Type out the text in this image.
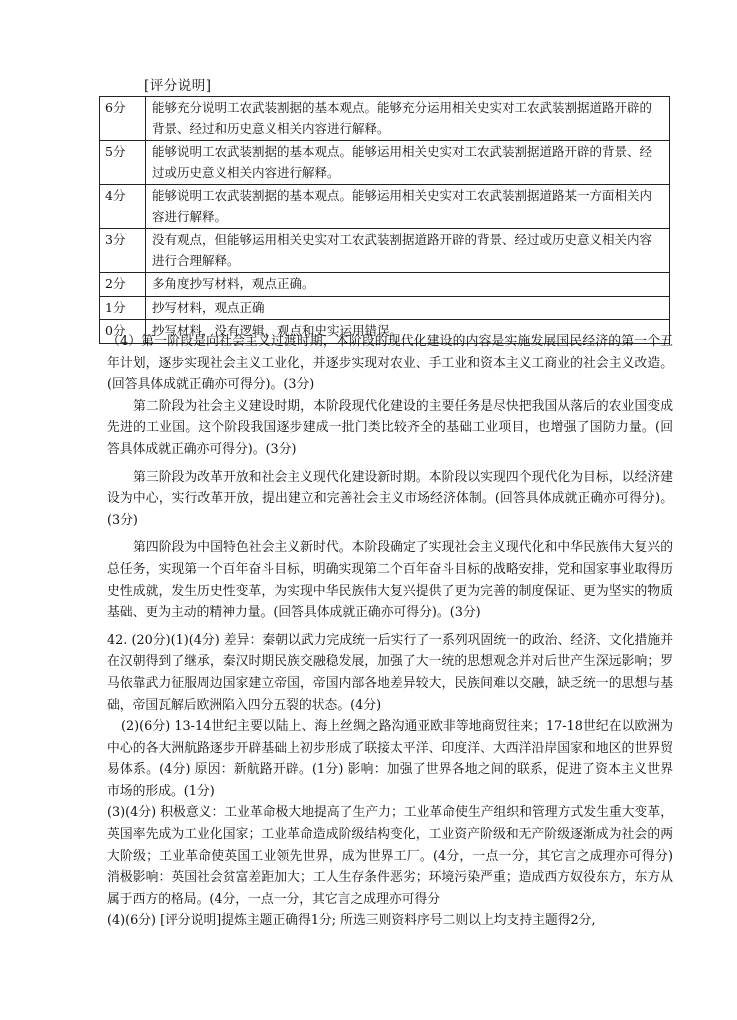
[评分说明]
6分	能够充分说明工农武装割据的基本观点。能够充分运用相关史实对工农武装割据道路开辟的背景、经过和历史意义相关内容进行解释。
5分	能够说明工农武装割据的基本观点。能够运用相关史实对工农武装割据道路开辟的背景、经过或历史意义相关内容进行解释。
4分	能够说明工农武装割据的基本观点。能够运用相关史实对工农武装割据道路某一方面相关内容进行解释。
3分	没有观点，但能够运用相关史实对工农武装割据道路开辟的背景、经过或历史意义相关内容进行合理解释。
2分	多角度抄写材料，观点正确。
1分	抄写材料，观点正确
0分	抄写材料，没有逻辑，观点和史实运用错误。

（4）第一阶段是向社会主义过渡时期，本阶段的现代化建设的内容是实施发展国民经济的第一个五年计划，逐步实现社会主义工业化，并逐步实现对农业、手工业和资本主义工商业的社会主义改造。(回答具体成就正确亦可得分)。(3分)

第二阶段为社会主义建设时期，本阶段现代化建设的主要任务是尽快把我国从落后的农业国变成先进的工业国。这个阶段我国逐步建成一批门类比较齐全的基础工业项目，也增强了国防力量。(回答具体成就正确亦可得分)。(3分)

第三阶段为改革开放和社会主义现代化建设新时期。本阶段以实现四个现代化为目标，以经济建设为中心，实行改革开放，提出建立和完善社会主义市场经济体制。(回答具体成就正确亦可得分)。(3分)

第四阶段为中国特色社会主义新时代。本阶段确定了实现社会主义现代化和中华民族伟大复兴的总任务，实现第一个百年奋斗目标，明确实现第二个百年奋斗目标的战略安排，党和国家事业取得历史性成就，发生历史性变革，为实现中华民族伟大复兴提供了更为完善的制度保证、更为坚实的物质基础、更为主动的精神力量。(回答具体成就正确亦可得分)。(3分)

42. (20分)(1)(4分) 差异：秦朝以武力完成统一后实行了一系列巩固统一的政治、经济、文化措施并在汉朝得到了继承，秦汉时期民族交融稳发展，加强了大一统的思想观念并对后世产生深远影响；罗马依靠武力征服周边国家建立帝国，帝国内部各地差异较大，民族间难以交融，缺乏统一的思想与基础，帝国瓦解后欧洲陷入四分五裂的状态。(4分)

(2)(6分) 13-14世纪主要以陆上、海上丝绸之路沟通亚欧非等地商贸往来；17-18世纪在以欧洲为中心的各大洲航路逐步开辟基础上初步形成了联接太平洋、印度洋、大西洋沿岸国家和地区的世界贸易体系。(4分) 原因：新航路开辟。(1分) 影响：加强了世界各地之间的联系，促进了资本主义世界市场的形成。(1分)

(3)(4分) 积极意义：工业革命极大地提高了生产力；工业革命使生产组织和管理方式发生重大变革，英国率先成为工业化国家；工业革命造成阶级结构变化，工业资产阶级和无产阶级逐渐成为社会的两大阶级；工业革命使英国工业领先世界，成为世界工厂。(4分，一点一分，其它言之成理亦可得分) 消极影响：英国社会贫富差距加大；工人生存条件恶劣；环境污染严重；造成西方奴役东方，东方从属于西方的格局。(4分，一点一分，其它言之成理亦可得分

(4)(6分) [评分说明]提炼主题正确得1分; 所选三则资料序号二则以上均支持主题得2分,
